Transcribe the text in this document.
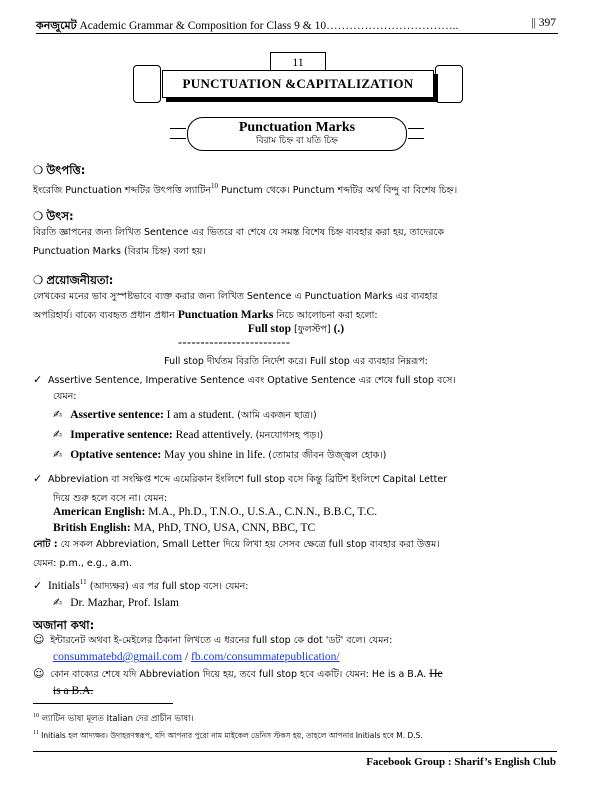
কনজুমেট Academic Grammar & Composition for Class 9 & 10……………………………..	|| 397
11
PUNCTUATION &CAPITALIZATION
Punctuation Marks
বিরাম চিহ্ন বা যতি চিহ্ন
❍ উৎপত্তি:
ইংরেজি Punctuation শব্দটির উৎপত্তি ল্যাটিন$^{10}$ Punctum থেকে। Punctum শব্দটির অর্থ বিন্দু বা বিশেষ চিহ্ন।
❍ উৎস:
বিরতি জ্ঞাপনের জন্য লিখিত Sentence এর ভিতরে বা শেষে যে সমস্ত বিশেষ চিহ্ন ব্যবহার করা হয়, তাদেরকে
Punctuation Marks (বিরাম চিহ্ন) বলা হয়।
❍ প্রয়োজনীয়তা:
লেখকের মনের ভাব সুস্পষ্টভাবে ব্যক্ত করার জন্য লিখিত Sentence এ Punctuation Marks এর ব্যবহার
অপরিহার্য। বাক্যে ব্যবহৃত প্রধান প্রধান Punctuation Marks নিচে আলোচনা করা হলো:
Full stop [ফুলস্টপ] (.)
-------------------------
Full stop দীর্ঘতম বিরতি নির্দেশ করে। Full stop এর ব্যবহার নিম্নরূপ:
✓ Assertive Sentence, Imperative Sentence এবং Optative Sentence এর শেষে full stop বসে।
যেমন:
✍ Assertive sentence: I am a student. (আমি একজন ছাত্র।)
✍ Imperative sentence: Read attentively. (মনযোগসহ পড়।)
✍ Optative sentence: May you shine in life. (তোমার জীবন উজ্জ্বল হোক।)
✓ Abbreviation বা সংক্ষিপ্ত শব্দে এমেরিকান ইংলিশে full stop বসে কিন্তু ব্রিটিশ ইংলিশে Capital Letter
দিয়ে শুরু হলে বসে না। যেমন:
American English: M.A., Ph.D., T.N.O., U.S.A., C.N.N., B.B.C, T.C.
British English: MA, PhD, TNO, USA, CNN, BBC, TC
নোট : যে সকল Abbreviation, Small Letter দিয়ে লিখা হয় সেসব ক্ষেত্রে full stop ব্যবহার করা উত্তম।
যেমন: p.m., e.g., a.m.
✓ Initials$^{11}$ (আদ্যক্ষর) এর পর full stop বসে। যেমন:
✍ Dr. Mazhar, Prof. Islam
অজানা কথা:
☺ ইন্টারনেট অথবা ই-মেইলের ঠিকানা লিখতে এ ধরনের full stop কে dot 'ডট' বলে। যেমন:
consummatebd@gmail.com / fb.com/consummatepublication/
☺ কোন বাক্যের শেষে যদি Abbreviation দিয়ে হয়, তবে full stop হবে একটি। যেমন: He is a B.A. He
is a B.A.
$^{10}$ ল্যাটিন ভাষা মূলত Italian দের প্রাচীন ভাষা।
$^{11}$ Initials হল আদ্যক্ষর। উদাহরণস্বরূপ, যদি আপনার পুরো নাম মাইকেল ডেনিস স্টকস হয়, তাহলে আপনার Initials হবে M. D.S.
Facebook Group : Sharif’s English Club
